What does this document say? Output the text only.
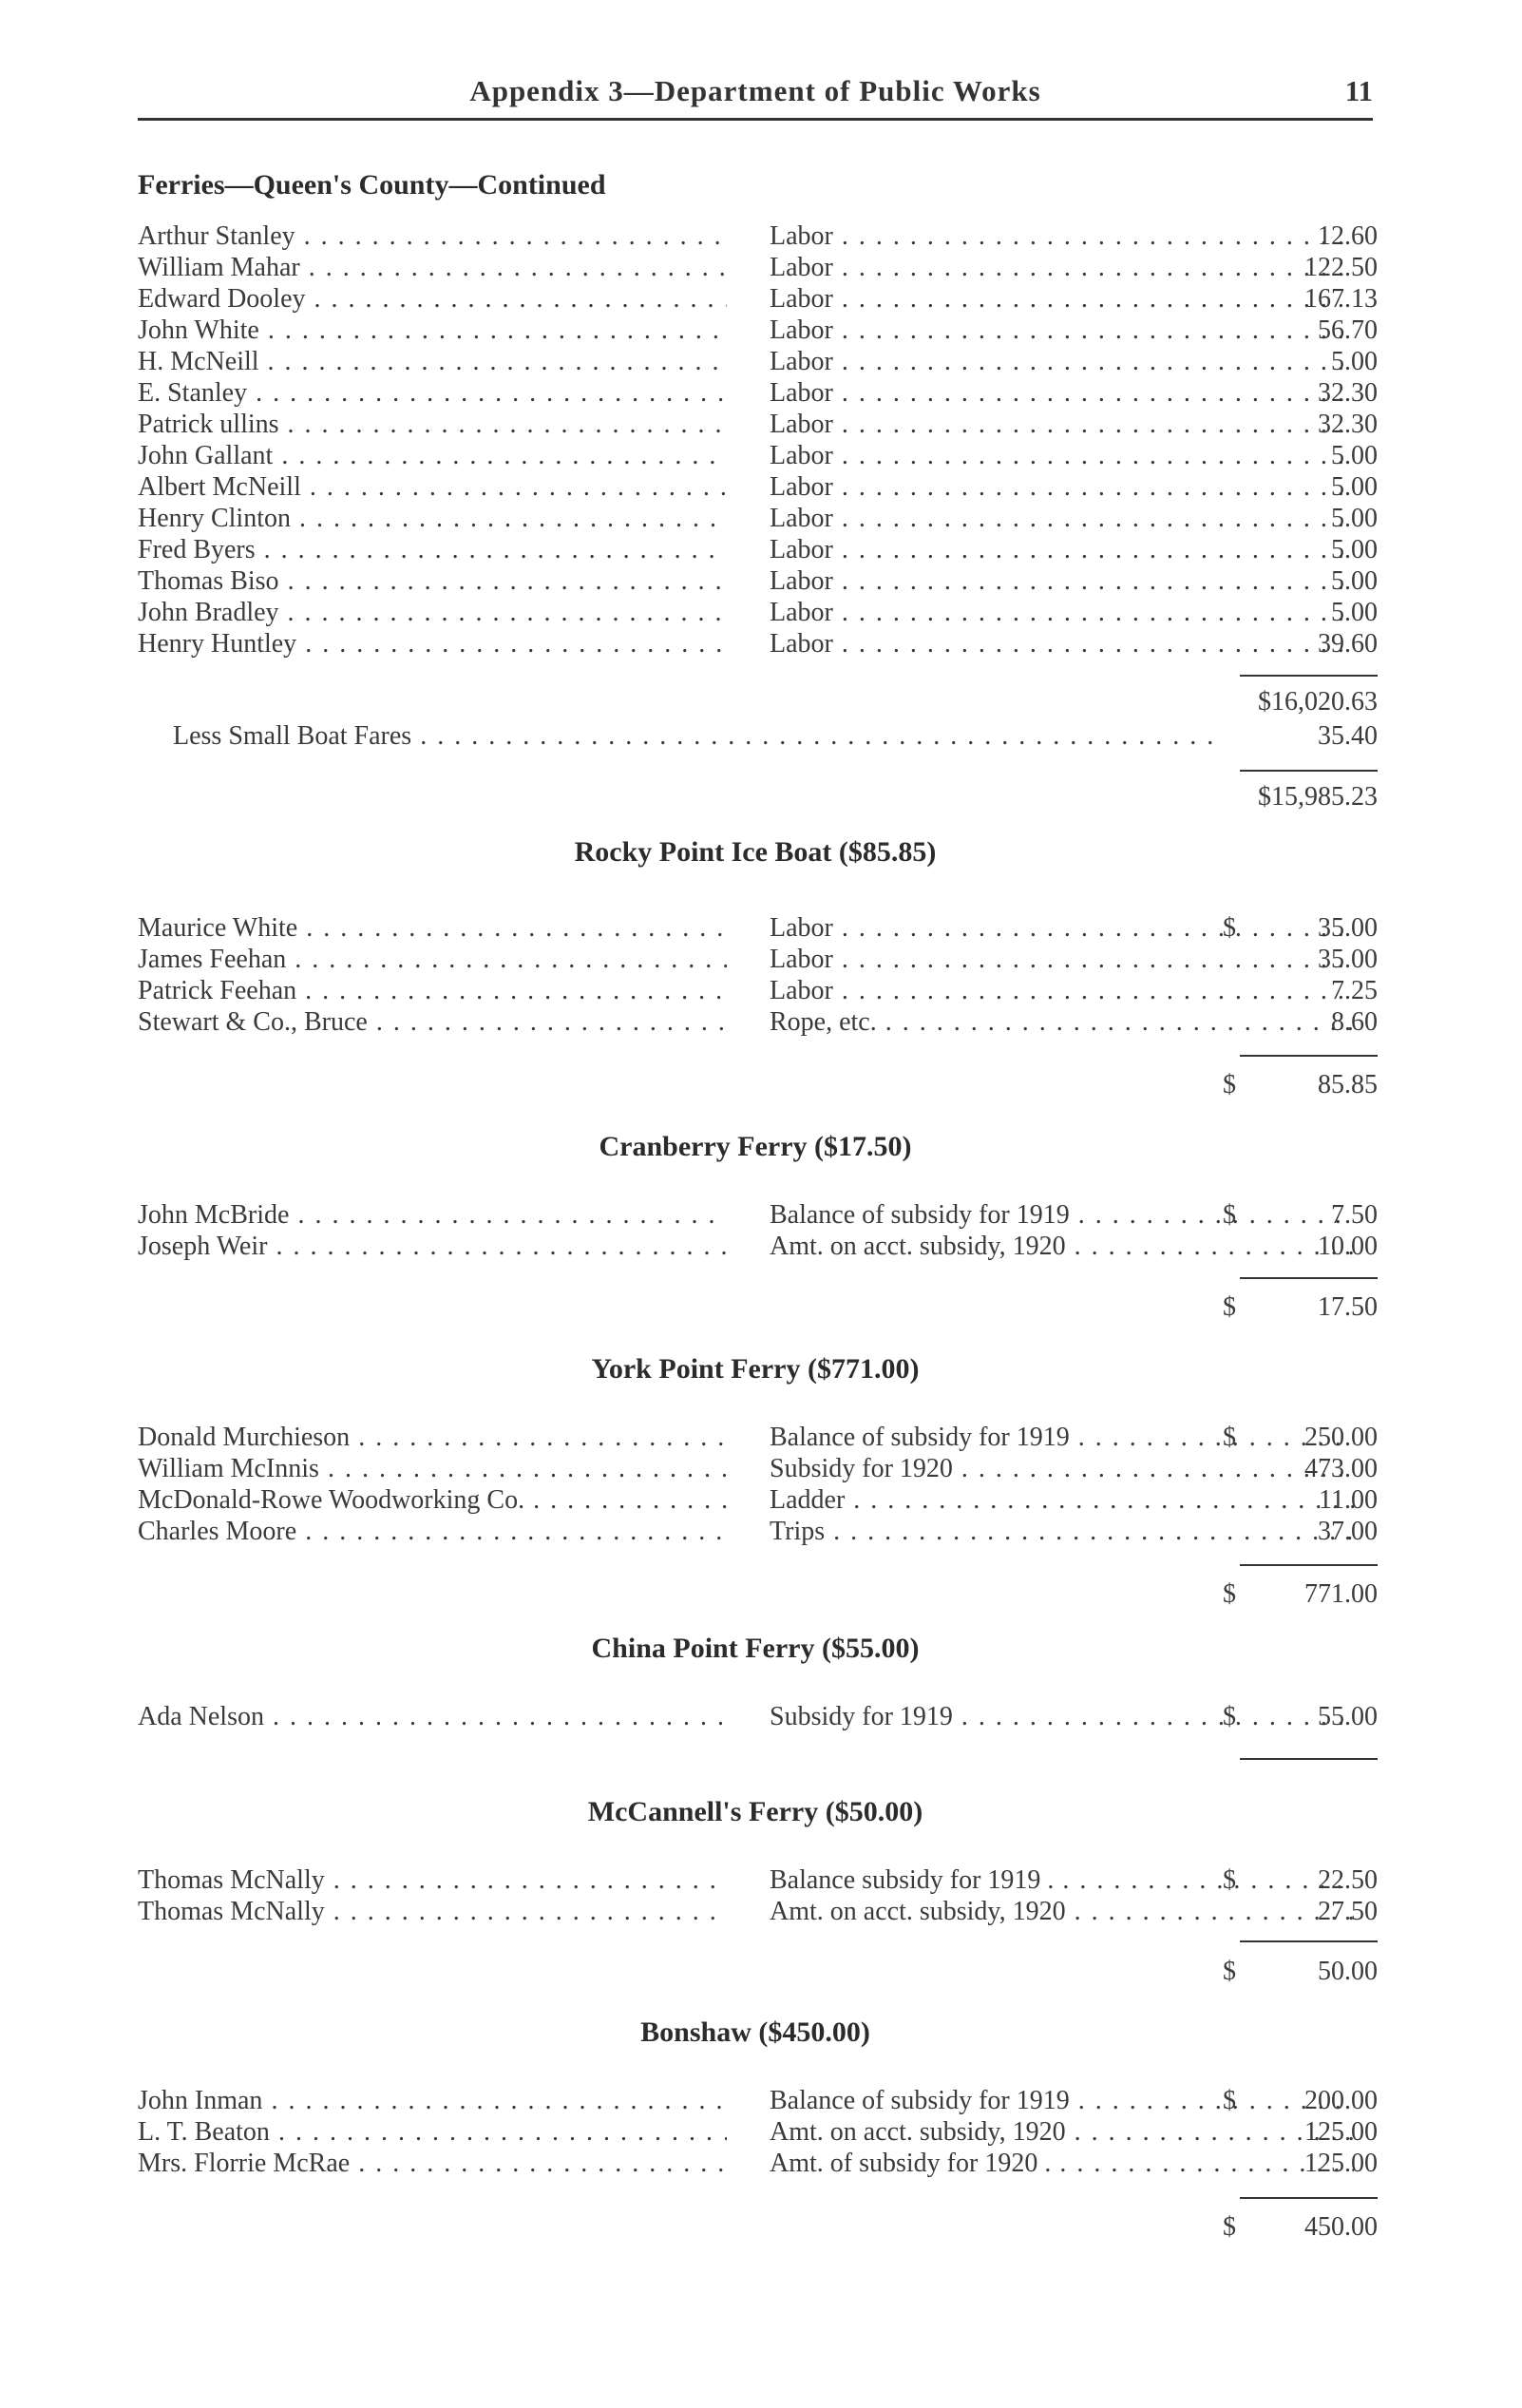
Appendix 3—Department of Public Works	11
Ferries—Queen's County—Continued
Arthur Stanley . . .	Labor . . .	12.60
William Mahar . . .	Labor . . .	122.50
Edward Dooley . . .	Labor . . .	167.13
John White . . .	Labor . . .	56.70
H. McNeill . . .	Labor . . .	5.00
E. Stanley . . .	Labor . . .	32.30
Patrick ullins . . .	Labor . . .	32.30
John Gallant . . .	Labor . . .	5.00
Albert McNeill . . .	Labor . . .	5.00
Henry Clinton . . .	Labor . . .	5.00
Fred Byers . . .	Labor . . .	5.00
Thomas Biso . . .	Labor . . .	5.00
John Bradley . . .	Labor . . .	5.00
Henry Huntley . . .	Labor . . .	39.60
$16,020.63
Less Small Boat Fares . . .	35.40
$15,985.23
Rocky Point Ice Boat ($85.85)
Maurice White . . .	Labor . . .	$	35.00
James Feehan . . .	Labor . . .	35.00
Patrick Feehan . . .	Labor . . .	7.25
Stewart & Co., Bruce . . .	Rope, etc. . . .	8.60
$	85.85
Cranberry Ferry ($17.50)
John McBride . . .	Balance of subsidy for 1919 . . .	$	7.50
Joseph Weir . . .	Amt. on acct. subsidy, 1920 . . .	10.00
$	17.50
York Point Ferry ($771.00)
Donald Murchieson . . .	Balance of subsidy for 1919 . . .	$	250.00
William McInnis . . .	Subsidy for 1920 . . .	473.00
McDonald-Rowe Woodworking Co. . . .	Ladder . . .	11.00
Charles Moore . . .	Trips . . .	37.00
$	771.00
China Point Ferry ($55.00)
Ada Nelson . . .	Subsidy for 1919 . . .	$	55.00
McCannell's Ferry ($50.00)
Thomas McNally . . .	Balance subsidy for 1919 . . . .	$	22.50
Thomas McNally . . .	Amt. on acct. subsidy, 1920 . . .	27.50
$	50.00
Bonshaw ($450.00)
John Inman . . .	Balance of subsidy for 1919 . . .	$	200.00
L. T. Beaton . . .	Amt. on acct. subsidy, 1920 . . .	125.00
Mrs. Florrie McRae . . .	Amt. of subsidy for 1920 . . . .	125.00
$	450.00
